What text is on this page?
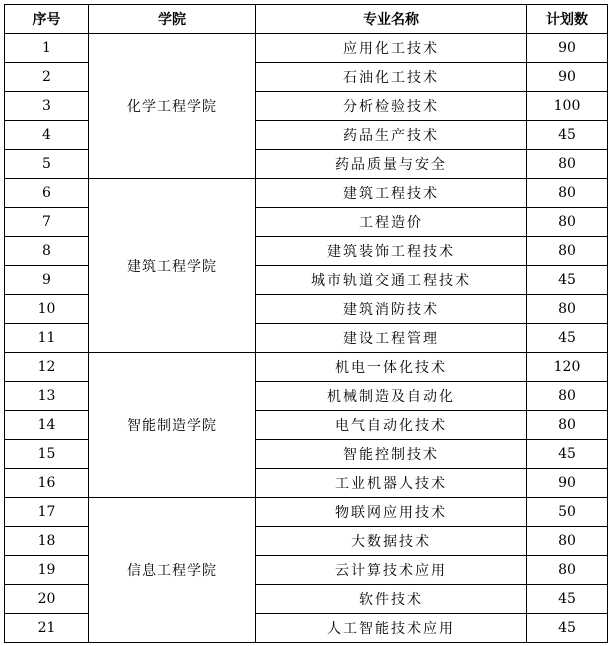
序号	学院	专业名称	计划数
1	化学工程学院	应用化工技术	90
2		石油化工技术	90
3		分析检验技术	100
4		药品生产技术	45
5		药品质量与安全	80
6	建筑工程学院	建筑工程技术	80
7		工程造价	80
8		建筑装饰工程技术	80
9		城市轨道交通工程技术	45
10		建筑消防技术	80
11		建设工程管理	45
12	智能制造学院	机电一体化技术	120
13		机械制造及自动化	80
14		电气自动化技术	80
15		智能控制技术	45
16		工业机器人技术	90
17	信息工程学院	物联网应用技术	50
18		大数据技术	80
19		云计算技术应用	80
20		软件技术	45
21		人工智能技术应用	45
